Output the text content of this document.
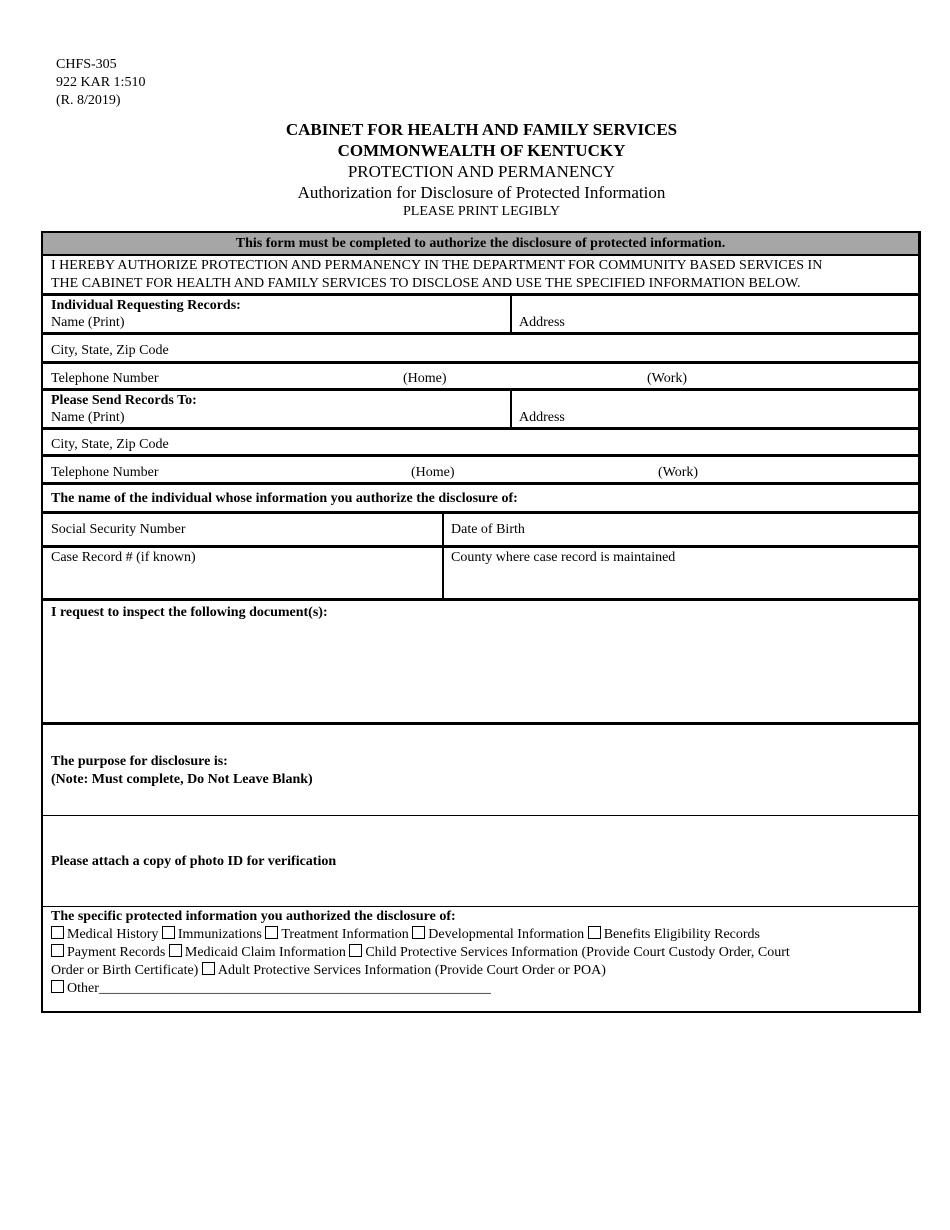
CHFS-305
922 KAR 1:510
(R. 8/2019)
CABINET FOR HEALTH AND FAMILY SERVICES
COMMONWEALTH OF KENTUCKY
PROTECTION AND PERMANENCY
Authorization for Disclosure of Protected Information
PLEASE PRINT LEGIBLY
This form must be completed to authorize the disclosure of protected information.
I HEREBY AUTHORIZE PROTECTION AND PERMANENCY IN THE DEPARTMENT FOR COMMUNITY BASED SERVICES IN
THE CABINET FOR HEALTH AND FAMILY SERVICES TO DISCLOSE AND USE THE SPECIFIED INFORMATION BELOW.
Individual Requesting Records:
Name (Print)	Address
City, State, Zip Code
Telephone Number	(Home)	(Work)
Please Send Records To:
Name (Print)	Address
City, State, Zip Code
Telephone Number	(Home)	(Work)
The name of the individual whose information you authorize the disclosure of:
Social Security Number	Date of Birth
Case Record # (if known)	County where case record is maintained
I request to inspect the following document(s):
The purpose for disclosure is:
(Note: Must complete, Do Not Leave Blank)
Please attach a copy of photo ID for verification
The specific protected information you authorized the disclosure of:
Medical History Immunizations Treatment Information Developmental Information Benefits Eligibility Records
Payment Records Medicaid Claim Information Child Protective Services Information (Provide Court Custody Order, Court
Order or Birth Certificate) Adult Protective Services Information (Provide Court Order or POA)
Other________________________________________________________
